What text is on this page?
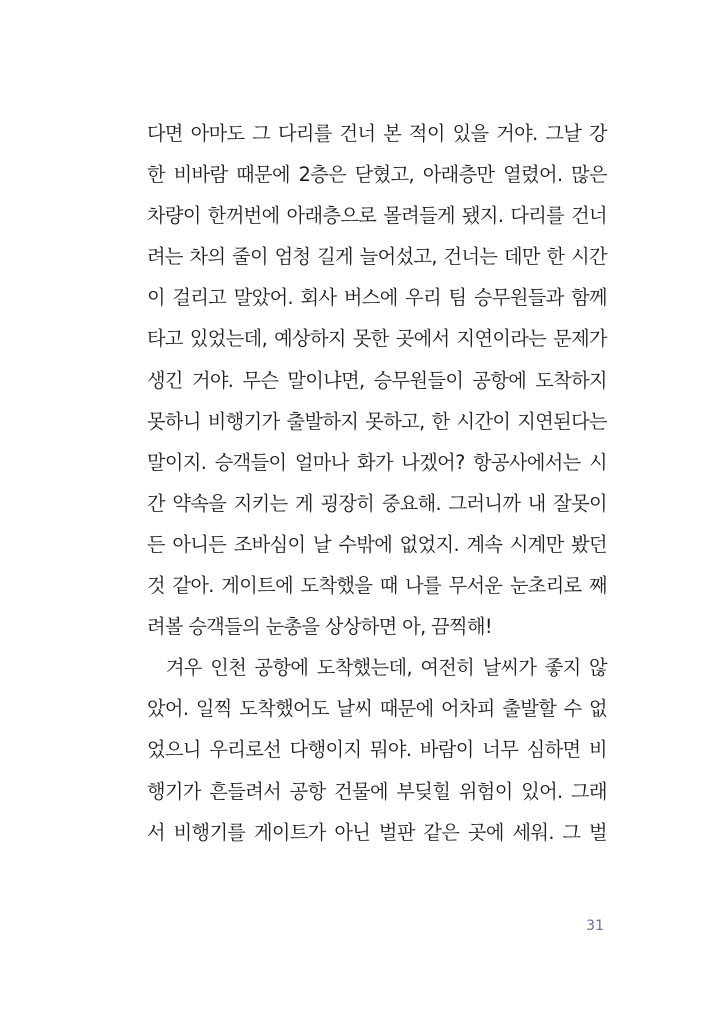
다면 아마도 그 다리를 건너 본 적이 있을 거야. 그날 강
한 비바람 때문에 2층은 닫혔고, 아래층만 열렸어. 많은
차량이 한꺼번에 아래층으로 몰려들게 됐지. 다리를 건너
려는 차의 줄이 엄청 길게 늘어섰고, 건너는 데만 한 시간
이 걸리고 말았어. 회사 버스에 우리 팀 승무원들과 함께
타고 있었는데, 예상하지 못한 곳에서 지연이라는 문제가
생긴 거야. 무슨 말이냐면, 승무원들이 공항에 도착하지
못하니 비행기가 출발하지 못하고, 한 시간이 지연된다는
말이지. 승객들이 얼마나 화가 나겠어? 항공사에서는 시
간 약속을 지키는 게 굉장히 중요해. 그러니까 내 잘못이
든 아니든 조바심이 날 수밖에 없었지. 계속 시계만 봤던
것 같아. 게이트에 도착했을 때 나를 무서운 눈초리로 째
려볼 승객들의 눈총을 상상하면 아, 끔찍해!
겨우 인천 공항에 도착했는데, 여전히 날씨가 좋지 않
았어. 일찍 도착했어도 날씨 때문에 어차피 출발할 수 없
었으니 우리로선 다행이지 뭐야. 바람이 너무 심하면 비
행기가 흔들려서 공항 건물에 부딪힐 위험이 있어. 그래
서 비행기를 게이트가 아닌 벌판 같은 곳에 세워. 그 벌
31
